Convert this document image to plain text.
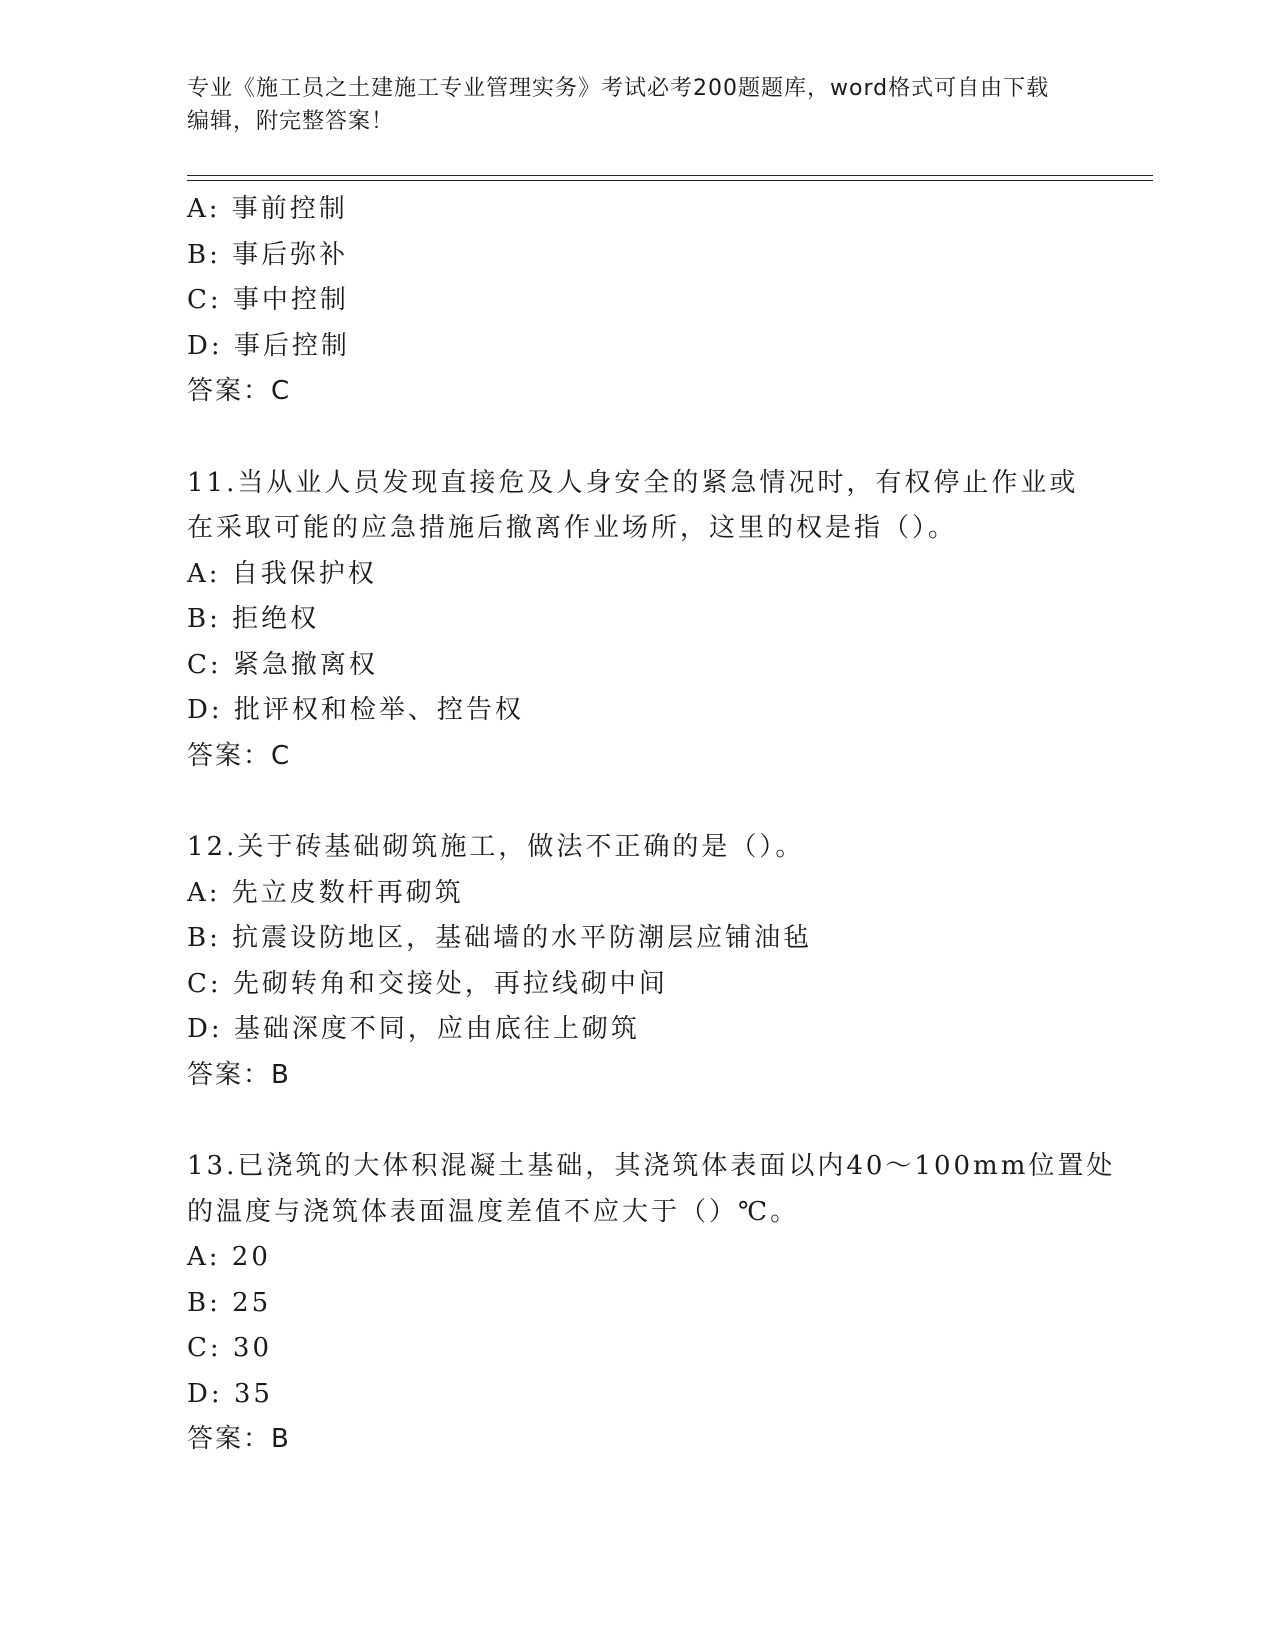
专业《施工员之土建施工专业管理实务》考试必考200题题库，word格式可自由下载编辑，附完整答案！
A: 事前控制
B: 事后弥补
C: 事中控制
D: 事后控制
答案：C
11.当从业人员发现直接危及人身安全的紧急情况时，有权停止作业或
在采取可能的应急措施后撤离作业场所，这里的权是指（）。
A: 自我保护权
B: 拒绝权
C: 紧急撤离权
D: 批评权和检举、控告权
答案：C
12.关于砖基础砌筑施工，做法不正确的是（）。
A: 先立皮数杆再砌筑
B: 抗震设防地区，基础墙的水平防潮层应铺油毡
C: 先砌转角和交接处，再拉线砌中间
D: 基础深度不同，应由底往上砌筑
答案：B
13.已浇筑的大体积混凝土基础，其浇筑体表面以内40～100mm位置处
的温度与浇筑体表面温度差值不应大于（）℃。
A: 20
B: 25
C: 30
D: 35
答案：B
